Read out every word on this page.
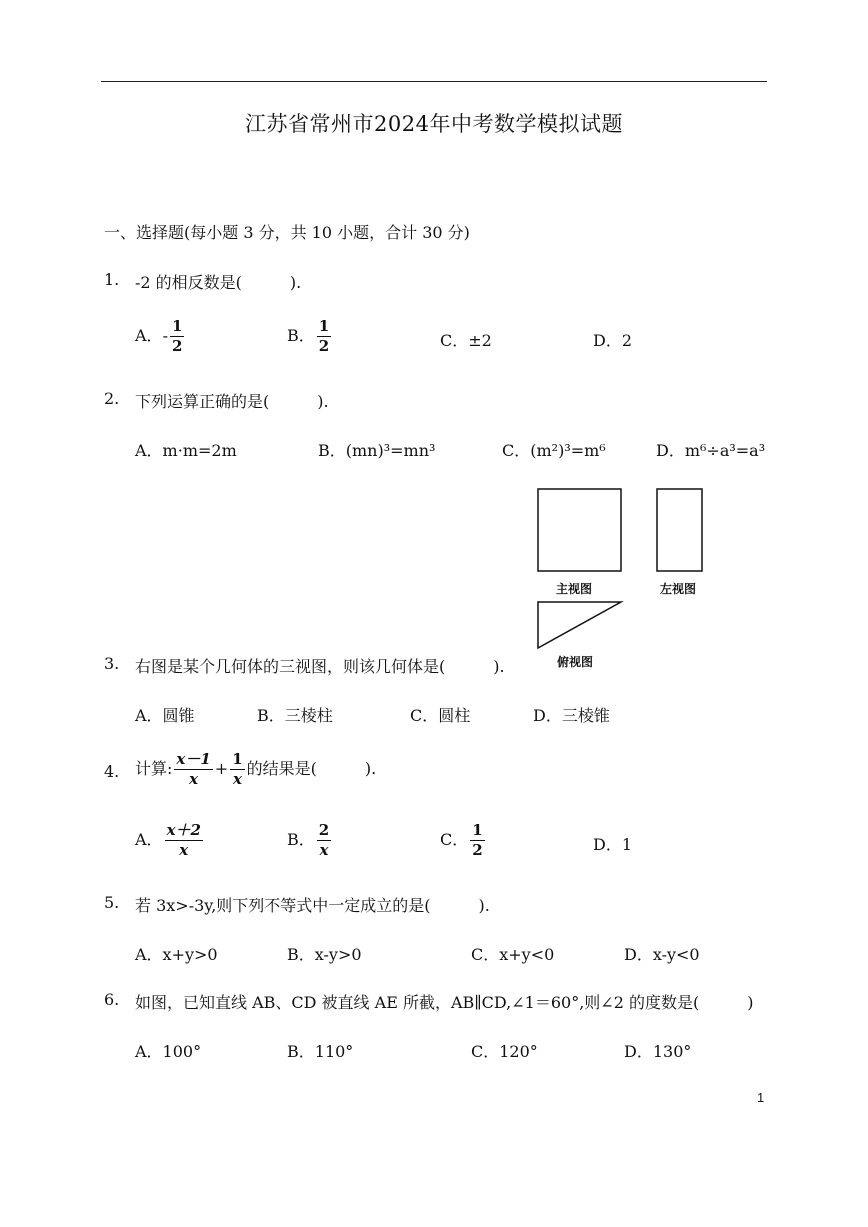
江苏省常州市2024年中考数学模拟试题
一、选择题(每小题 3 分，共 10 小题，合计 30 分)
1. -2 的相反数是(　　　).
A．- $\frac{1}{2}$	B． $\frac{1}{2}$	C．±2	D．2
2. 下列运算正确的是(　　　).
A．m·m=2m	B．(mn)³=mn³	C．(m²)³=m⁶	D．m⁶÷a³=a³
主视图	左视图
俯视图
3. 右图是某个几何体的三视图，则该几何体是(　　　).
A．圆锥	B．三棱柱	C．圆柱	D．三棱锥
4. 计算: $\frac{x-1}{x} + \frac{1}{x}$ 的结果是(　　　).
A． $\frac{x+2}{x}$	B． $\frac{2}{x}$	C． $\frac{1}{2}$	D．1
5. 若 3x>-3y,则下列不等式中一定成立的是(　　　).
A．x+y>0	B．x-y>0	C．x+y<0	D．x-y<0
6. 如图，已知直线 AB、CD 被直线 AE 所截，AB∥CD,∠1＝60°,则∠2 的度数是(　　　)
A．100°	B．110°	C．120°	D．130°
1
